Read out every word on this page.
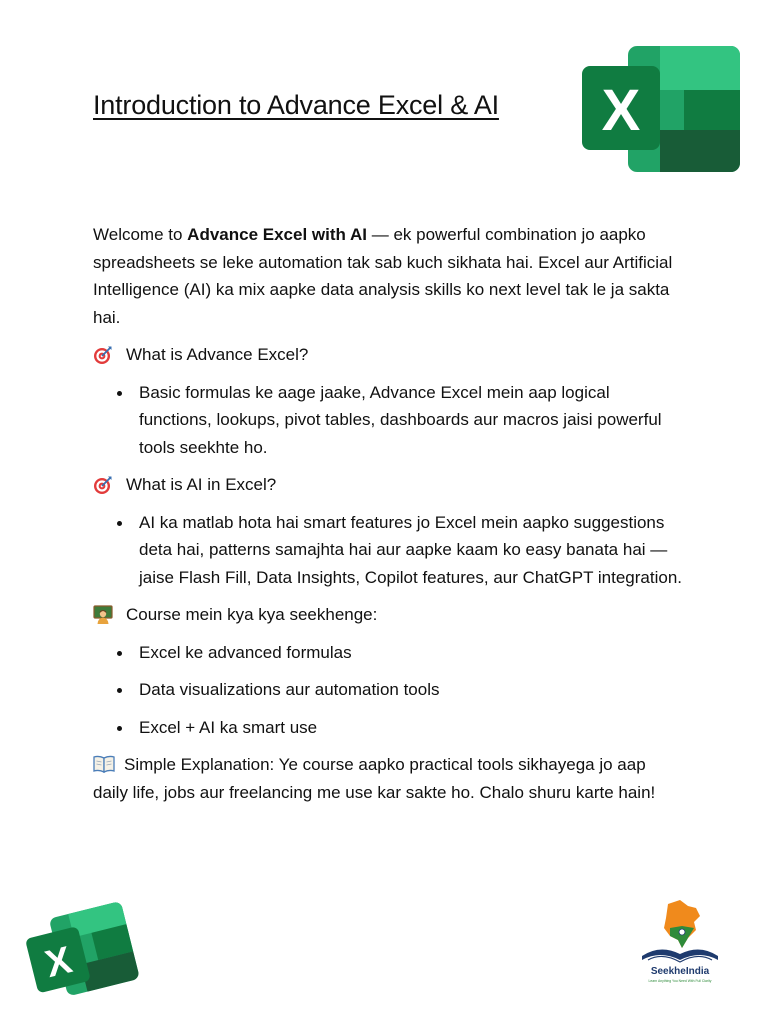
Introduction to Advance Excel & AI X

Welcome to Advance Excel with AI — ek powerful combination jo aapko spreadsheets se leke automation tak sab kuch sikhata hai. Excel aur Artificial Intelligence (AI) ka mix aapke data analysis skills ko next level tak le ja sakta hai.

What is Advance Excel?

Basic formulas ke aage jaake, Advance Excel mein aap logical functions, lookups, pivot tables, dashboards aur macros jaisi powerful tools seekhte ho.

What is AI in Excel?

AI ka matlab hota hai smart features jo Excel mein aapko suggestions deta hai, patterns samajhta hai aur aapke kaam ko easy banata hai — jaise Flash Fill, Data Insights, Copilot features, aur ChatGPT integration.

Course mein kya kya seekhenge:

Excel ke advanced formulas
Data visualizations aur automation tools
Excel + AI ka smart use

Simple Explanation: Ye course aapko practical tools sikhayega jo aap daily life, jobs aur freelancing me use kar sakte ho. Chalo shuru karte hain!

X	SeekheIndia
Learn Anything You Need With Full Clarity
